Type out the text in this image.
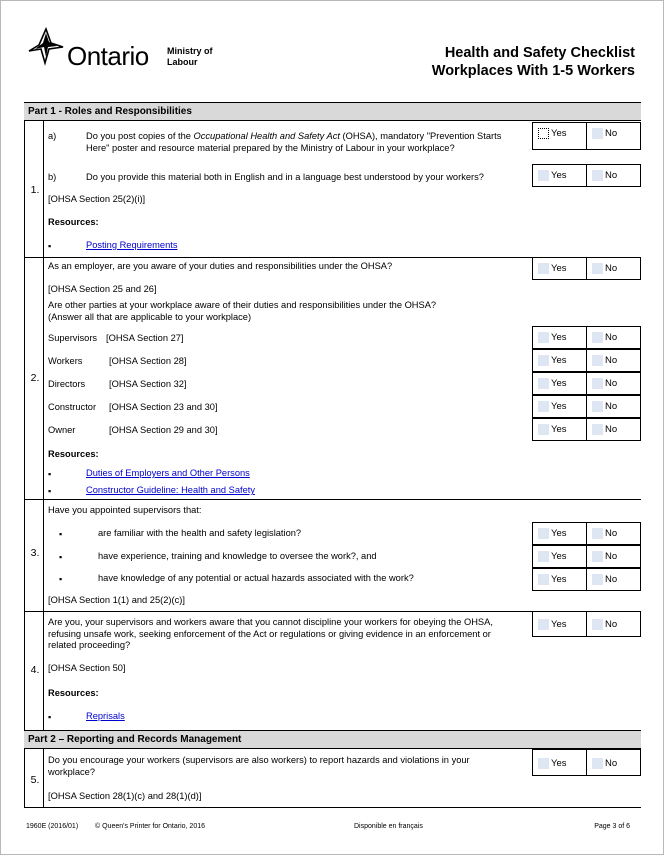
Ontario Ministry of
Labour
Health and Safety Checklist
Workplaces With 1-5 Workers
Part 1 - Roles and Responsibilities
Part 2 – Reporting and Records Management
1.
a)	Do you post copies of the Occupational Health and Safety Act (OHSA), mandatory "Prevention Starts
Here" poster and resource material prepared by the Ministry of Labour in your workplace?
Yes	No
b)	Do you provide this material both in English and in a language best understood by your workers?	Yes	No
[OHSA Section 25(2)(i)]
Resources:
▪	Posting Requirements
2.
As an employer, are you aware of your duties and responsibilities under the OHSA?	Yes	No
[OHSA Section 25 and 26]
Are other parties at your workplace aware of their duties and responsibilities under the OHSA?
(Answer all that are applicable to your workplace)
Supervisors [OHSA Section 27]	Yes	No
Workers	[OHSA Section 28]	Yes	No
Directors	[OHSA Section 32]	Yes	No
Constructor [OHSA Section 23 and 30]	Yes	No
Owner	[OHSA Section 29 and 30]	Yes	No
Resources:
▪	Duties of Employers and Other Persons
▪	Constructor Guideline: Health and Safety
3.
Have you appointed supervisors that:
▪	are familiar with the health and safety legislation?	Yes	No
▪	have experience, training and knowledge to oversee the work?, and	Yes	No
▪	have knowledge of any potential or actual hazards associated with the work?	Yes	No
[OHSA Section 1(1) and 25(2)(c)]
4.
Are you, your supervisors and workers aware that you cannot discipline your workers for obeying the OHSA,
refusing unsafe work, seeking enforcement of the Act or regulations or giving evidence in an enforcement or
related proceeding?
Yes	No
[OHSA Section 50]
Resources:
▪	Reprisals
5.
Do you encourage your workers (supervisors are also workers) to report hazards and violations in your
workplace?
Yes	No
[OHSA Section 28(1)(c) and 28(1)(d)]
1960E (2016/01) © Queen's Printer for Ontario, 2016	Disponible en français	Page 3 of 6
